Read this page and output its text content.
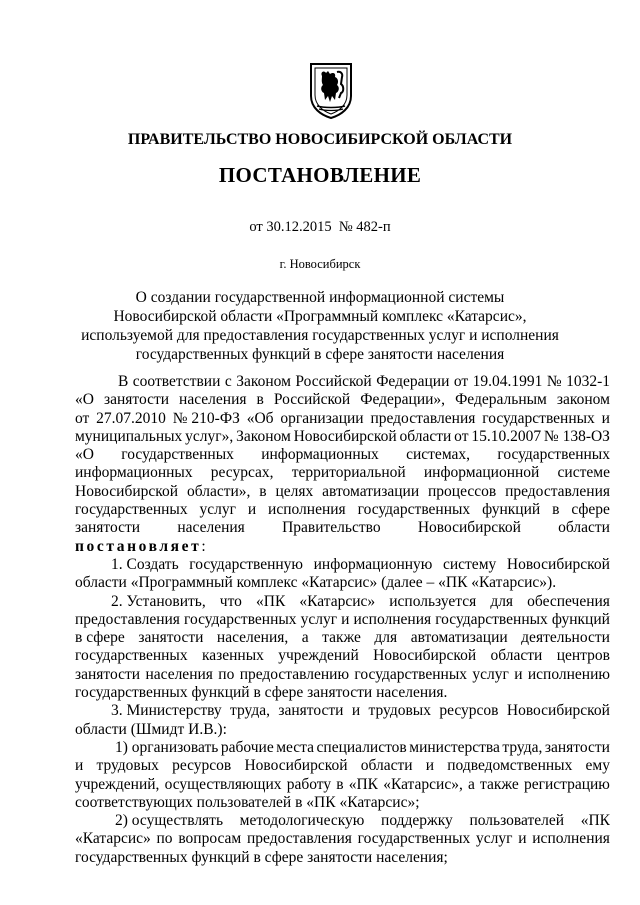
ПРАВИТЕЛЬСТВО НОВОСИБИРСКОЙ ОБЛАСТИ
ПОСТАНОВЛЕНИЕ
от 30.12.2015  № 482-п
г. Новосибирск
О создании государственной информационной системы
Новосибирской области «Программный комплекс «Катарсис»,
используемой для предоставления государственных услуг и исполнения
государственных функций в сфере занятости населения
В соответствии с Законом Российской Федерации от 19.04.1991 № 1032-1
«О занятости населения в Российской Федерации», Федеральным законом
от 27.07.2010 № 210-ФЗ «Об организации предоставления государственных и
муниципальных услуг», Законом Новосибирской области от 15.10.2007 № 138-ОЗ
«О государственных информационных системах, государственных
информационных ресурсах, территориальной информационной системе
Новосибирской области», в целях автоматизации процессов предоставления
государственных услуг и исполнения государственных функций в сфере
занятости населения Правительство Новосибирской области
постановляет :
1. Создать государственную информационную систему Новосибирской
области «Программный комплекс «Катарсис» (далее – «ПК «Катарсис»).
2. Установить, что «ПК «Катарсис» используется для обеспечения
предоставления государственных услуг и исполнения государственных функций
в сфере занятости населения, а также для автоматизации деятельности
государственных казенных учреждений Новосибирской области центров
занятости населения по предоставлению государственных услуг и исполнению
государственных функций в сфере занятости населения.
3. Министерству труда, занятости и трудовых ресурсов Новосибирской
области (Шмидт И.В.):
1) организовать рабочие места специалистов министерства труда, занятости
и трудовых ресурсов Новосибирской области и подведомственных ему
учреждений, осуществляющих работу в «ПК «Катарсис», а также регистрацию
соответствующих пользователей в «ПК «Катарсис»;
2) осуществлять методологическую поддержку пользователей «ПК
«Катарсис» по вопросам предоставления государственных услуг и исполнения
государственных функций в сфере занятости населения;
